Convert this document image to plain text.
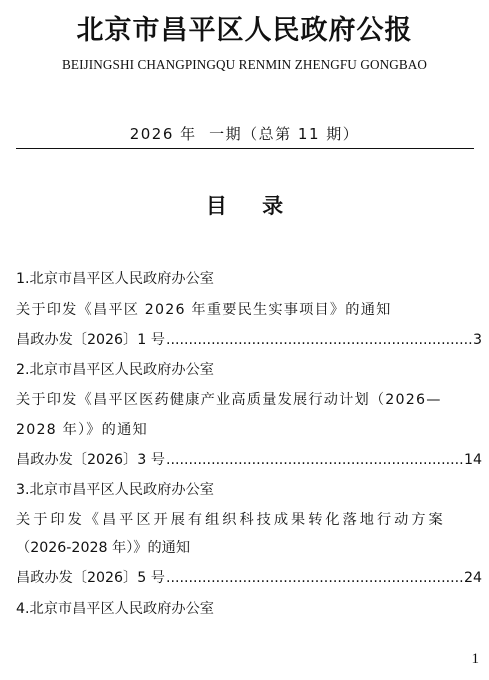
北京市昌平区人民政府公报
BEIJINGSHI CHANGPINGQU RENMIN ZHENGFU GONGBAO
2026 年  一期（总第 11 期）
目 录
1.北京市昌平区人民政府办公室
关于印发《昌平区 2026 年重要民生实事项目》的通知
昌政办发〔2026〕1 号 .....	3
2.北京市昌平区人民政府办公室
关于印发《昌平区医药健康产业高质量发展行动计划（2026—
2028 年）》的通知
昌政办发〔2026〕3 号 .....	14
3.北京市昌平区人民政府办公室
关于印发《昌平区开展有组织科技成果转化落地行动方案
（2026-2028 年）》的通知
昌政办发〔2026〕5 号 .....	24
4.北京市昌平区人民政府办公室
1
